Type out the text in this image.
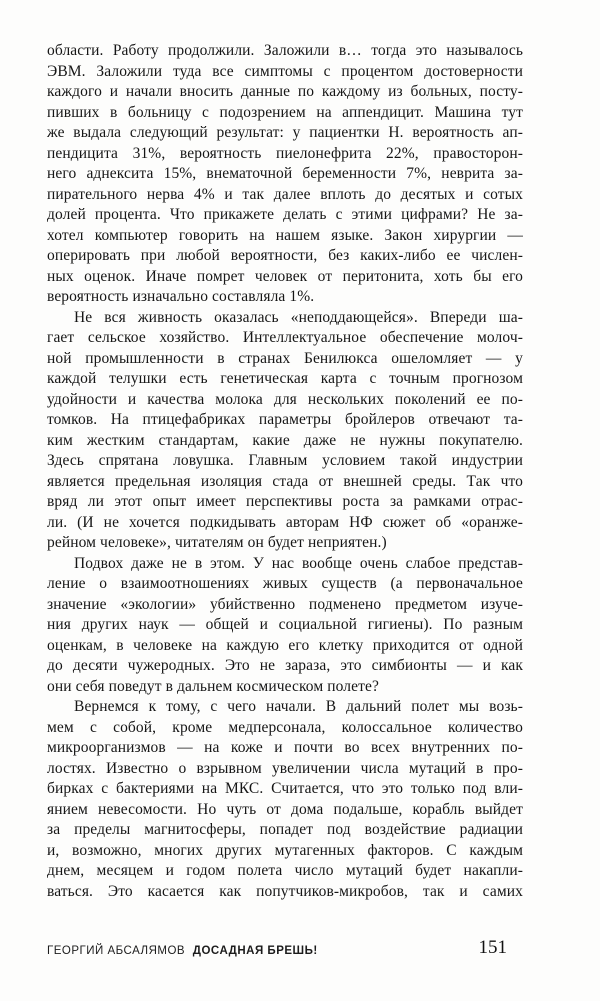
области. Работу продолжили. Заложили в… тогда это называлось
ЭВМ. Заложили туда все симптомы с процентом достоверности
каждого и начали вносить данные по каждому из больных, посту-
пивших в больницу с подозрением на аппендицит. Машина тут
же выдала следующий результат: у пациентки Н. вероятность ап-
пендицита 31%, вероятность пиелонефрита 22%, правосторон-
него аднексита 15%, внематочной беременности 7%, неврита за-
пирательного нерва 4% и так далее вплоть до десятых и сотых
долей процента. Что прикажете делать с этими цифрами? Не за-
хотел компьютер говорить на нашем языке. Закон хирургии —
оперировать при любой вероятности, без каких-либо ее числен-
ных оценок. Иначе помрет человек от перитонита, хоть бы его
вероятность изначально составляла 1%.
Не вся живность оказалась «неподдающейся». Впереди ша-
гает сельское хозяйство. Интеллектуальное обеспечение молоч-
ной промышленности в странах Бенилюкса ошеломляет — у
каждой телушки есть генетическая карта с точным прогнозом
удойности и качества молока для нескольких поколений ее по-
томков. На птицефабриках параметры бройлеров отвечают та-
ким жестким стандартам, какие даже не нужны покупателю.
Здесь спрятана ловушка. Главным условием такой индустрии
является предельная изоляция стада от внешней среды. Так что
вряд ли этот опыт имеет перспективы роста за рамками отрас-
ли. (И не хочется подкидывать авторам НФ сюжет об «оранже-
рейном человеке», читателям он будет неприятен.)
Подвох даже не в этом. У нас вообще очень слабое представ-
ление о взаимоотношениях живых существ (а первоначальное
значение «экологии» убийственно подменено предметом изуче-
ния других наук — общей и социальной гигиены). По разным
оценкам, в человеке на каждую его клетку приходится от одной
до десяти чужеродных. Это не зараза, это симбионты — и как
они себя поведут в дальнем космическом полете?
Вернемся к тому, с чего начали. В дальний полет мы возь-
мем с собой, кроме медперсонала, колоссальное количество
микроорганизмов — на коже и почти во всех внутренних по-
лостях. Известно о взрывном увеличении числа мутаций в про-
бирках с бактериями на МКС. Считается, что это только под вли-
янием невесомости. Но чуть от дома подальше, корабль выйдет
за пределы магнитосферы, попадет под воздействие радиации
и, возможно, многих других мутагенных факторов. С каждым
днем, месяцем и годом полета число мутаций будет накапли-
ваться. Это касается как попутчиков-микробов, так и самих
ГЕОРГИЙ АБСАЛЯМОВ ДОСАДНАЯ БРЕШЬ!	151
